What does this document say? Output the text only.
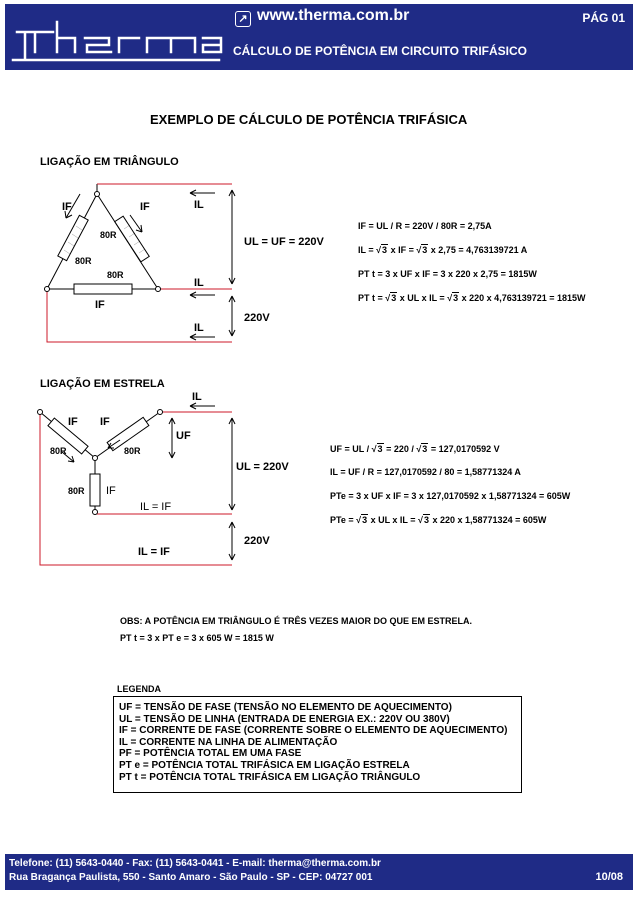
↗ www.therma.com.br	PÁG 01
CÁLCULO DE POTÊNCIA EM CIRCUITO TRIFÁSICO
EXEMPLO DE CÁLCULO DE POTÊNCIA TRIFÁSICA
LIGAÇÃO EM TRIÂNGULO
IF	IF
IF
IL
IL
IL
80R
80R
80R
UL = UF = 220V
220V
IF = UL / R = 220V / 80R = 2,75A
IL = √3 x IF = √3 x 2,75 = 4,763139721 A
PT t = 3 x UF x IF = 3 x 220 x 2,75 = 1815W
PT t = √3 x UL x IL = √3 x 220 x 4,763139721 = 1815W
LIGAÇÃO EM ESTRELA
IL
IF IF
UF
80R	80R
80R IF
IL = IF
IL = IF
UL = 220V
220V
UF = UL / √3 = 220 / √3 = 127,0170592 V
IL = UF / R = 127,0170592 / 80 = 1,58771324 A
PTe = 3 x UF x IF = 3 x 127,0170592 x 1,58771324 = 605W
PTe = √3 x UL x IL = √3 x 220 x 1,58771324 = 605W
OBS: A POTÊNCIA EM TRIÂNGULO É TRÊS VEZES MAIOR DO QUE EM ESTRELA.
PT t = 3 x PT e = 3 x 605 W = 1815 W
LEGENDA
UF = TENSÃO DE FASE (TENSÃO NO ELEMENTO DE AQUECIMENTO)
UL = TENSÃO DE LINHA (ENTRADA DE ENERGIA EX.: 220V OU 380V)
IF = CORRENTE DE FASE (CORRENTE SOBRE O ELEMENTO DE AQUECIMENTO)
IL = CORRENTE NA LINHA DE ALIMENTAÇÃO
PF = POTÊNCIA TOTAL EM UMA FASE
PT e = POTÊNCIA TOTAL TRIFÁSICA EM LIGAÇÃO ESTRELA
PT t = POTÊNCIA TOTAL TRIFÁSICA EM LIGAÇÃO TRIÂNGULO
Telefone: (11) 5643-0440 - Fax: (11) 5643-0441 - E-mail: therma@therma.com.br
Rua Bragança Paulista, 550 - Santo Amaro - São Paulo - SP - CEP: 04727 001	10/08
